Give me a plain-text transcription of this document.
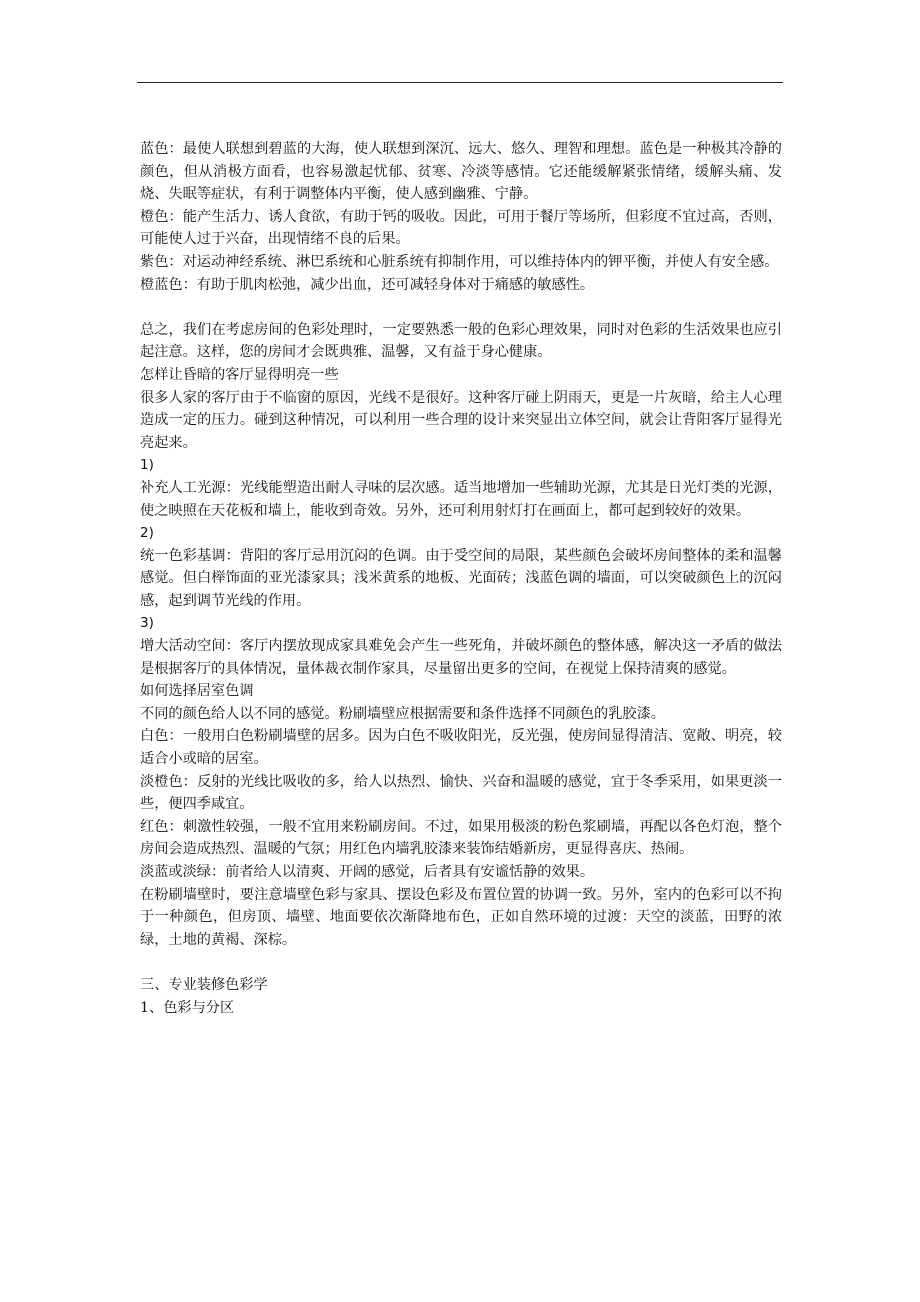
蓝色：最使人联想到碧蓝的大海，使人联想到深沉、远大、悠久、理智和理想。蓝色是一种极其冷静的颜色，但从消极方面看，也容易激起忧郁、贫寒、冷淡等感情。它还能缓解紧张情绪，缓解头痛、发烧、失眠等症状，有利于调整体内平衡，使人感到幽雅、宁静。

橙色：能产生活力、诱人食欲，有助于钙的吸收。因此，可用于餐厅等场所，但彩度不宜过高，否则，可能使人过于兴奋，出现情绪不良的后果。

紫色：对运动神经系统、淋巴系统和心脏系统有抑制作用，可以维持体内的钾平衡，并使人有安全感。

橙蓝色：有助于肌肉松弛，减少出血，还可减轻身体对于痛感的敏感性。

总之，我们在考虑房间的色彩处理时，一定要熟悉一般的色彩心理效果，同时对色彩的生活效果也应引起注意。这样，您的房间才会既典雅、温馨，又有益于身心健康。

怎样让昏暗的客厅显得明亮一些

很多人家的客厅由于不临窗的原因，光线不是很好。这种客厅碰上阴雨天，更是一片灰暗，给主人心理造成一定的压力。碰到这种情况，可以利用一些合理的设计来突显出立体空间，就会让背阳客厅显得光亮起来。

1)

补充人工光源：光线能塑造出耐人寻味的层次感。适当地增加一些辅助光源，尤其是日光灯类的光源，使之映照在天花板和墙上，能收到奇效。另外，还可利用射灯打在画面上，都可起到较好的效果。

2)

统一色彩基调：背阳的客厅忌用沉闷的色调。由于受空间的局限，某些颜色会破坏房间整体的柔和温馨感觉。但白榉饰面的亚光漆家具；浅米黄系的地板、光面砖；浅蓝色调的墙面，可以突破颜色上的沉闷感，起到调节光线的作用。

3)

增大活动空间：客厅内摆放现成家具难免会产生一些死角，并破坏颜色的整体感，解决这一矛盾的做法是根据客厅的具体情况，量体裁衣制作家具，尽量留出更多的空间，在视觉上保持清爽的感觉。

如何选择居室色调

不同的颜色给人以不同的感觉。粉刷墙壁应根据需要和条件选择不同颜色的乳胶漆。

白色：一般用白色粉刷墙壁的居多。因为白色不吸收阳光，反光强，使房间显得清洁、宽敞、明亮，较适合小或暗的居室。

淡橙色：反射的光线比吸收的多，给人以热烈、愉快、兴奋和温暖的感觉，宜于冬季采用，如果更淡一些，便四季咸宜。

红色：刺激性较强，一般不宜用来粉刷房间。不过，如果用极淡的粉色浆刷墙，再配以各色灯泡，整个房间会造成热烈、温暖的气氛；用红色内墙乳胶漆来装饰结婚新房，更显得喜庆、热闹。

淡蓝或淡绿：前者给人以清爽、开阔的感觉，后者具有安谧恬静的效果。

在粉刷墙壁时，要注意墙壁色彩与家具、摆设色彩及布置位置的协调一致。另外，室内的色彩可以不拘于一种颜色，但房顶、墙壁、地面要依次渐降地布色，正如自然环境的过渡：天空的淡蓝，田野的浓绿，土地的黄褐、深棕。

三、专业装修色彩学

1、色彩与分区
